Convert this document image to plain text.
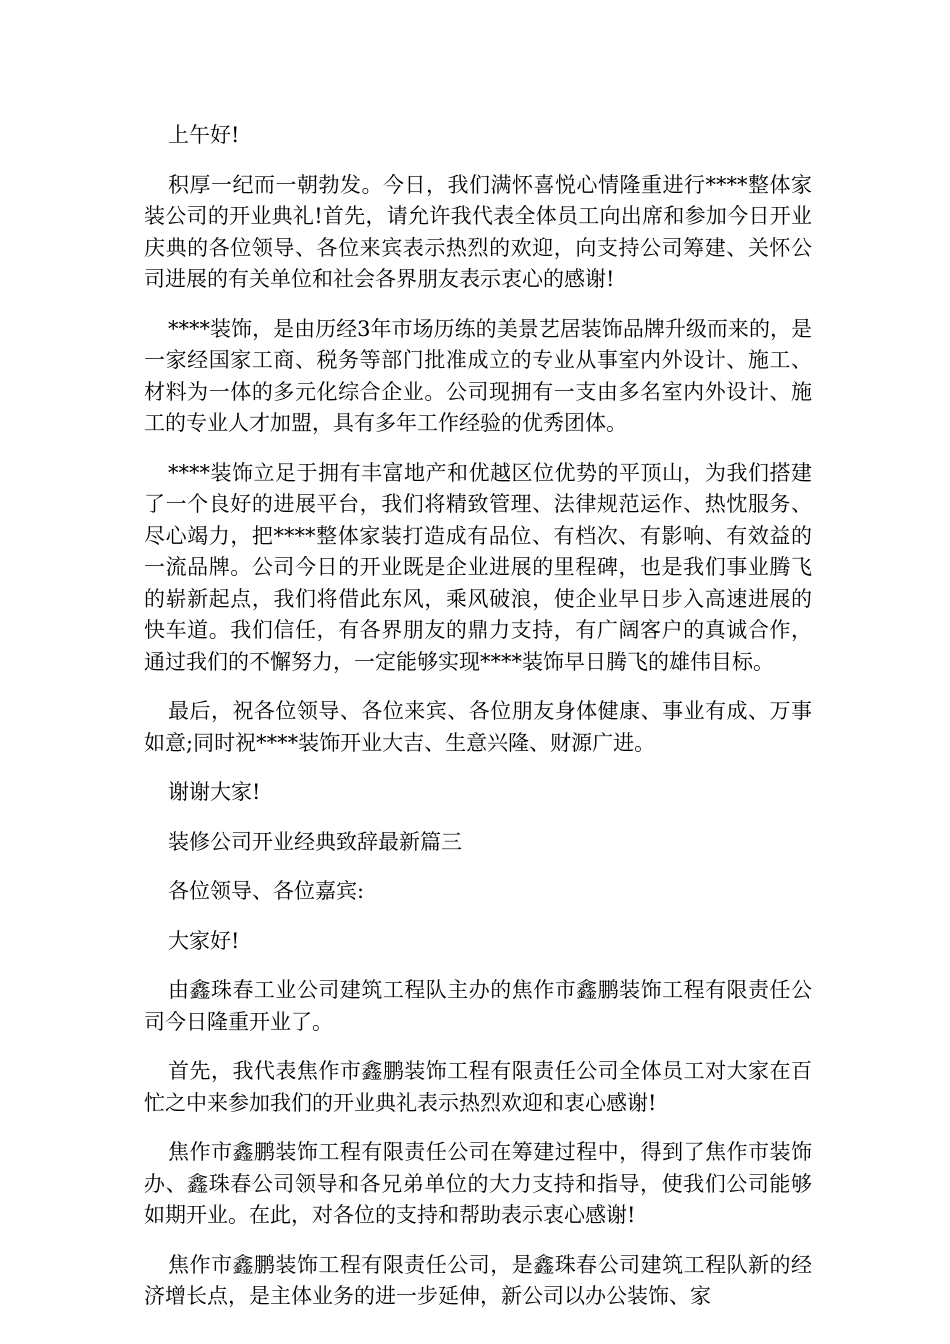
上午好!

积厚一纪而一朝勃发。今日，我们满怀喜悦心情隆重进行****整体家装公司的开业典礼!首先，请允许我代表全体员工向出席和参加今日开业庆典的各位领导、各位来宾表示热烈的欢迎，向支持公司筹建、关怀公司进展的有关单位和社会各界朋友表示衷心的感谢!

****装饰，是由历经3年市场历练的美景艺居装饰品牌升级而来的，是一家经国家工商、税务等部门批准成立的专业从事室内外设计、施工、材料为一体的多元化综合企业。公司现拥有一支由多名室内外设计、施工的专业人才加盟，具有多年工作经验的优秀团体。

****装饰立足于拥有丰富地产和优越区位优势的平顶山，为我们搭建了一个良好的进展平台，我们将精致管理、法律规范运作、热忱服务、尽心竭力，把****整体家装打造成有品位、有档次、有影响、有效益的一流品牌。公司今日的开业既是企业进展的里程碑，也是我们事业腾飞的崭新起点，我们将借此东风，乘风破浪，使企业早日步入高速进展的快车道。我们信任，有各界朋友的鼎力支持，有广阔客户的真诚合作，通过我们的不懈努力，一定能够实现****装饰早日腾飞的雄伟目标。

最后，祝各位领导、各位来宾、各位朋友身体健康、事业有成、万事如意;同时祝****装饰开业大吉、生意兴隆、财源广进。

谢谢大家!

装修公司开业经典致辞最新篇三

各位领导、各位嘉宾:

大家好!

由鑫珠春工业公司建筑工程队主办的焦作市鑫鹏装饰工程有限责任公司今日隆重开业了。

首先，我代表焦作市鑫鹏装饰工程有限责任公司全体员工对大家在百忙之中来参加我们的开业典礼表示热烈欢迎和衷心感谢!

焦作市鑫鹏装饰工程有限责任公司在筹建过程中，得到了焦作市装饰办、鑫珠春公司领导和各兄弟单位的大力支持和指导，使我们公司能够如期开业。在此，对各位的支持和帮助表示衷心感谢!

焦作市鑫鹏装饰工程有限责任公司，是鑫珠春公司建筑工程队新的经济增长点，是主体业务的进一步延伸，新公司以办公装饰、家
